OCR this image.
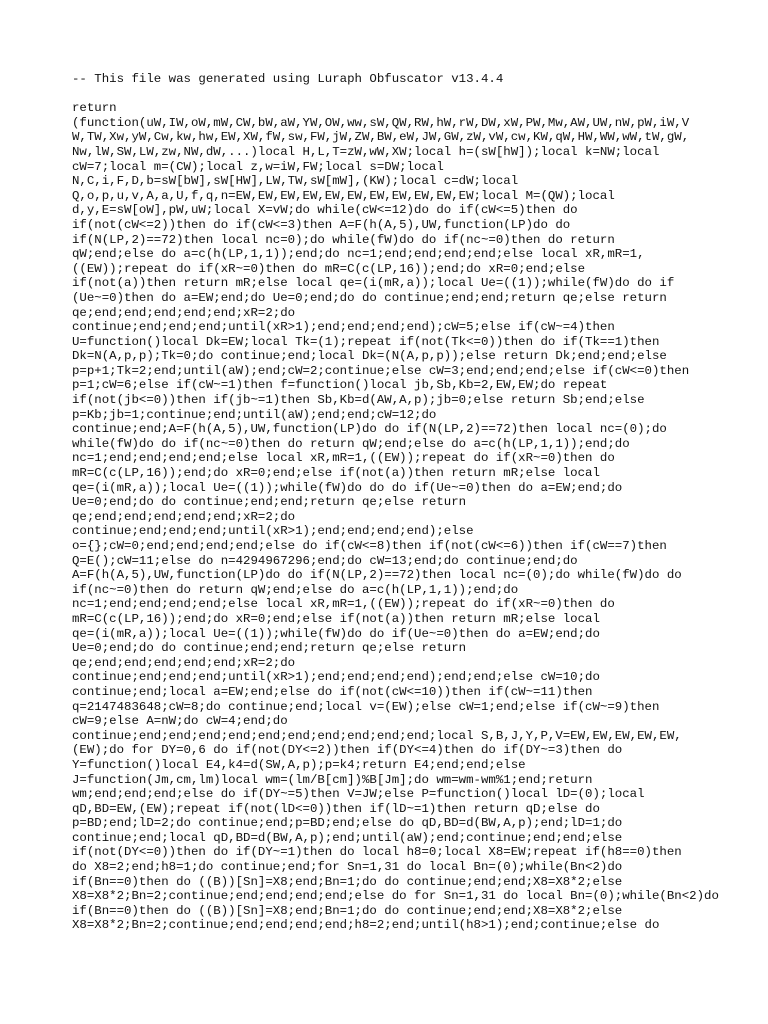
-- This file was generated using Luraph Obfuscator v13.4.4
return
(function(uW,IW,oW,mW,CW,bW,aW,YW,OW,ww,sW,QW,RW,hW,rW,DW,xW,PW,Mw,AW,UW,nW,pW,iW,V
W,TW,Xw,yW,Cw,kw,hw,EW,XW,fW,sw,FW,jW,ZW,BW,eW,JW,GW,zW,vW,cw,KW,qW,HW,WW,wW,tW,gW,
Nw,lW,SW,LW,zw,NW,dW,...)local H,L,T=zW,wW,XW;local h=(sW[hW]);local k=NW;local
cW=7;local m=(CW);local z,w=iW,FW;local s=DW;local
N,C,i,F,D,b=sW[bW],sW[HW],LW,TW,sW[mW],(KW);local c=dW;local
Q,o,p,u,v,A,a,U,f,q,n=EW,EW,EW,EW,EW,EW,EW,EW,EW,EW,EW;local M=(QW);local
d,y,E=sW[oW],pW,uW;local X=vW;do while(cW<=12)do do if(cW<=5)then do
if(not(cW<=2))then do if(cW<=3)then A=F(h(A,5),UW,function(LP)do do
if(N(LP,2)==72)then local nc=0);do while(fW)do do if(nc~=0)then do return
qW;end;else do a=c(h(LP,1,1));end;do nc=1;end;end;end;end;else local xR,mR=1,
((EW));repeat do if(xR~=0)then do mR=C(c(LP,16));end;do xR=0;end;else
if(not(a))then return mR;else local qe=(i(mR,a));local Ue=((1));while(fW)do do if
(Ue~=0)then do a=EW;end;do Ue=0;end;do do continue;end;end;return qe;else return
qe;end;end;end;end;end;xR=2;do
continue;end;end;end;until(xR>1);end;end;end;end);cW=5;else if(cW~=4)then
U=function()local Dk=EW;local Tk=(1);repeat if(not(Tk<=0))then do if(Tk==1)then
Dk=N(A,p,p);Tk=0;do continue;end;local Dk=(N(A,p,p));else return Dk;end;end;else
p=p+1;Tk=2;end;until(aW);end;cW=2;continue;else cW=3;end;end;end;else if(cW<=0)then
p=1;cW=6;else if(cW~=1)then f=function()local jb,Sb,Kb=2,EW,EW;do repeat
if(not(jb<=0))then if(jb~=1)then Sb,Kb=d(AW,A,p);jb=0;else return Sb;end;else
p=Kb;jb=1;continue;end;until(aW);end;end;cW=12;do
continue;end;A=F(h(A,5),UW,function(LP)do do if(N(LP,2)==72)then local nc=(0);do
while(fW)do do if(nc~=0)then do return qW;end;else do a=c(h(LP,1,1));end;do
nc=1;end;end;end;end;else local xR,mR=1,((EW));repeat do if(xR~=0)then do
mR=C(c(LP,16));end;do xR=0;end;else if(not(a))then return mR;else local
qe=(i(mR,a));local Ue=((1));while(fW)do do do if(Ue~=0)then do a=EW;end;do
Ue=0;end;do do continue;end;end;return qe;else return
qe;end;end;end;end;end;xR=2;do
continue;end;end;end;until(xR>1);end;end;end;end);else
o={};cW=0;end;end;end;end;else do if(cW<=8)then if(not(cW<=6))then if(cW==7)then
Q=E();cW=11;else do n=4294967296;end;do cW=13;end;do continue;end;do
A=F(h(A,5),UW,function(LP)do do if(N(LP,2)==72)then local nc=(0);do while(fW)do do
if(nc~=0)then do return qW;end;else do a=c(h(LP,1,1));end;do
nc=1;end;end;end;end;else local xR,mR=1,((EW));repeat do if(xR~=0)then do
mR=C(c(LP,16));end;do xR=0;end;else if(not(a))then return mR;else local
qe=(i(mR,a));local Ue=((1));while(fW)do do if(Ue~=0)then do a=EW;end;do
Ue=0;end;do do continue;end;end;return qe;else return
qe;end;end;end;end;end;xR=2;do
continue;end;end;end;until(xR>1);end;end;end;end);end;end;else cW=10;do
continue;end;local a=EW;end;else do if(not(cW<=10))then if(cW~=11)then
q=2147483648;cW=8;do continue;end;local v=(EW);else cW=1;end;else if(cW~=9)then
cW=9;else A=nW;do cW=4;end;do
continue;end;end;end;end;end;end;end;end;end;end;local S,B,J,Y,P,V=EW,EW,EW,EW,EW,
(EW);do for DY=0,6 do if(not(DY<=2))then if(DY<=4)then do if(DY~=3)then do
Y=function()local E4,k4=d(SW,A,p);p=k4;return E4;end;end;else
J=function(Jm,cm,lm)local wm=(lm/B[cm])%B[Jm];do wm=wm-wm%1;end;return
wm;end;end;end;else do if(DY~=5)then V=JW;else P=function()local lD=(0);local
qD,BD=EW,(EW);repeat if(not(lD<=0))then if(lD~=1)then return qD;else do
p=BD;end;lD=2;do continue;end;p=BD;end;else do qD,BD=d(BW,A,p);end;lD=1;do
continue;end;local qD,BD=d(BW,A,p);end;until(aW);end;continue;end;end;else
if(not(DY<=0))then do if(DY~=1)then do local h8=0;local X8=EW;repeat if(h8==0)then
do X8=2;end;h8=1;do continue;end;for Sn=1,31 do local Bn=(0);while(Bn<2)do
if(Bn==0)then do ((B))[Sn]=X8;end;Bn=1;do do continue;end;end;X8=X8*2;else
X8=X8*2;Bn=2;continue;end;end;end;end;else do for Sn=1,31 do local Bn=(0);while(Bn<2)do
if(Bn==0)then do ((B))[Sn]=X8;end;Bn=1;do do continue;end;end;X8=X8*2;else
X8=X8*2;Bn=2;continue;end;end;end;end;h8=2;end;until(h8>1);end;continue;else do
